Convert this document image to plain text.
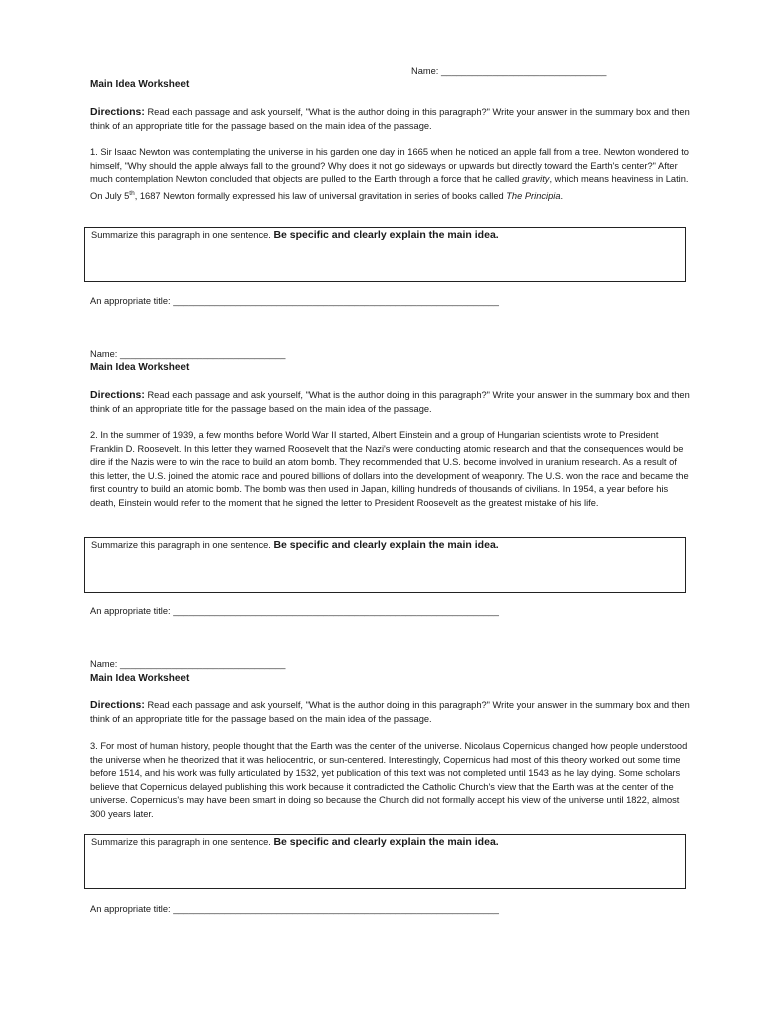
Name: ________________________________
Main Idea Worksheet
Directions: Read each passage and ask yourself, "What is the author doing in this paragraph?" Write your answer in the summary box and then think of an appropriate title for the passage based on the main idea of the passage.
1. Sir Isaac Newton was contemplating the universe in his garden one day in 1665 when he noticed an apple fall from a tree. Newton wondered to himself, "Why should the apple always fall to the ground? Why does it not go sideways or upwards but directly toward the Earth's center?" After much contemplation Newton concluded that objects are pulled to the Earth through a force that he called gravity, which means heaviness in Latin. On July 5th, 1687 Newton formally expressed his law of universal gravitation in series of books called The Principia.
Summarize this paragraph in one sentence. Be specific and clearly explain the main idea.
An appropriate title: _______________________________________________________________
Name: ________________________________
Main Idea Worksheet
Directions: Read each passage and ask yourself, "What is the author doing in this paragraph?" Write your answer in the summary box and then think of an appropriate title for the passage based on the main idea of the passage.
2. In the summer of 1939, a few months before World War II started, Albert Einstein and a group of Hungarian scientists wrote to President Franklin D. Roosevelt. In this letter they warned Roosevelt that the Nazi's were conducting atomic research and that the consequences would be dire if the Nazis were to win the race to build an atom bomb. They recommended that U.S. become involved in uranium research. As a result of this letter, the U.S. joined the atomic race and poured billions of dollars into the development of weaponry. The U.S. won the race and became the first country to build an atomic bomb. The bomb was then used in Japan, killing hundreds of thousands of civilians. In 1954, a year before his death, Einstein would refer to the moment that he signed the letter to President Roosevelt as the greatest mistake of his life.
Summarize this paragraph in one sentence. Be specific and clearly explain the main idea.
An appropriate title: _______________________________________________________________
Name: ________________________________
Main Idea Worksheet
Directions: Read each passage and ask yourself, "What is the author doing in this paragraph?" Write your answer in the summary box and then think of an appropriate title for the passage based on the main idea of the passage.
3. For most of human history, people thought that the Earth was the center of the universe. Nicolaus Copernicus changed how people understood the universe when he theorized that it was heliocentric, or sun-centered. Interestingly, Copernicus had most of this theory worked out some time before 1514, and his work was fully articulated by 1532, yet publication of this text was not completed until 1543 as he lay dying. Some scholars believe that Copernicus delayed publishing this work because it contradicted the Catholic Church's view that the Earth was at the center of the universe. Copernicus's may have been smart in doing so because the Church did not formally accept his view of the universe until 1822, almost 300 years later.
Summarize this paragraph in one sentence. Be specific and clearly explain the main idea.
An appropriate title: _______________________________________________________________
